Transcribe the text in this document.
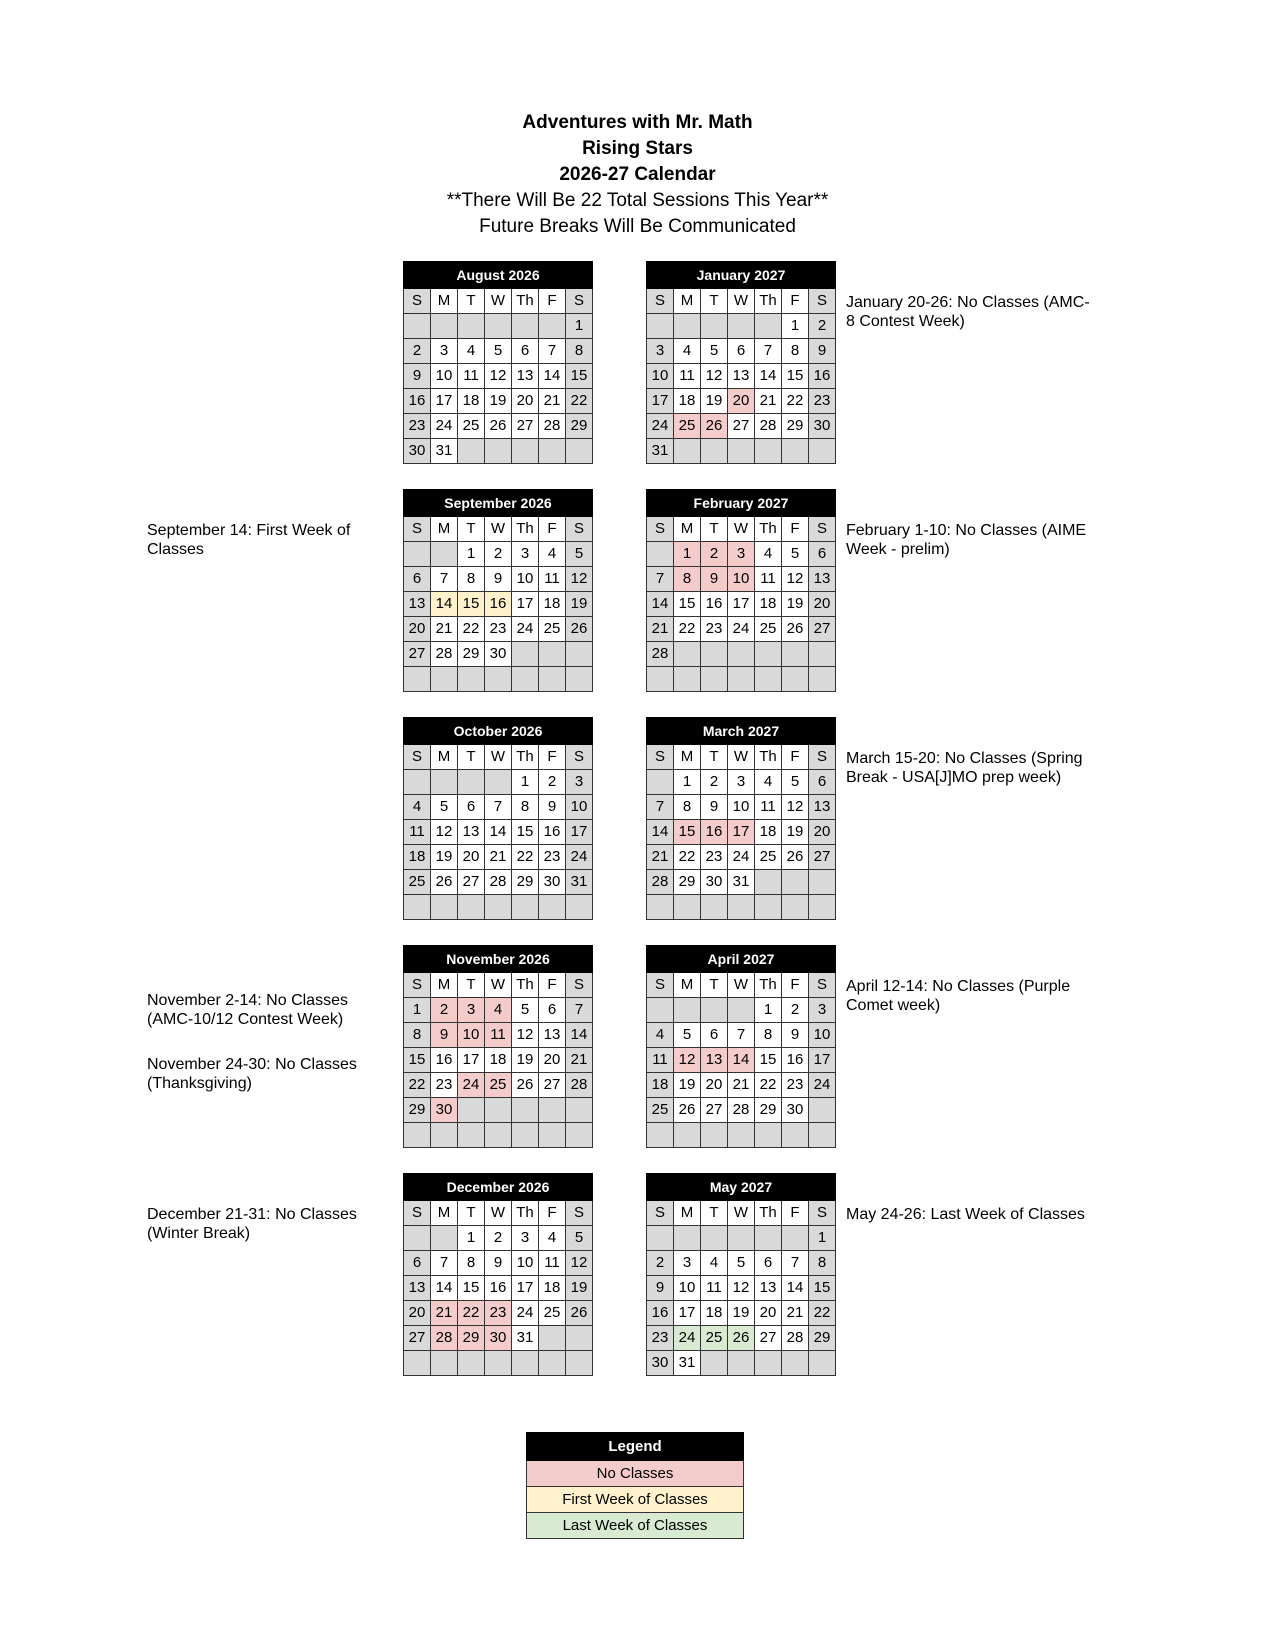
Adventures with Mr. Math
Rising Stars
2026-27 Calendar
**There Will Be 22 Total Sessions This Year**
Future Breaks Will Be Communicated
August 2026						
S	M	T	W	Th	F	S
						1
2	3	4	5	6	7	8
9	10	11	12	13	14	15
16	17	18	19	20	21	22
23	24	25	26	27	28	29
30	31					
January 2027						
S	M	T	W	Th	F	S
					1	2
3	4	5	6	7	8	9
10	11	12	13	14	15	16
17	18	19	20	21	22	23
24	25	26	27	28	29	30
31						
September 2026						
S	M	T	W	Th	F	S
		1	2	3	4	5
6	7	8	9	10	11	12
13	14	15	16	17	18	19
20	21	22	23	24	25	26
27	28	29	30			

February 2027						
S	M	T	W	Th	F	S
	1	2	3	4	5	6
7	8	9	10	11	12	13
14	15	16	17	18	19	20
21	22	23	24	25	26	27
28						

October 2026						
S	M	T	W	Th	F	S
				1	2	3
4	5	6	7	8	9	10
11	12	13	14	15	16	17
18	19	20	21	22	23	24
25	26	27	28	29	30	31

March 2027						
S	M	T	W	Th	F	S
	1	2	3	4	5	6
7	8	9	10	11	12	13
14	15	16	17	18	19	20
21	22	23	24	25	26	27
28	29	30	31			

November 2026						
S	M	T	W	Th	F	S
1	2	3	4	5	6	7
8	9	10	11	12	13	14
15	16	17	18	19	20	21
22	23	24	25	26	27	28
29	30					

April 2027						
S	M	T	W	Th	F	S
				1	2	3
4	5	6	7	8	9	10
11	12	13	14	15	16	17
18	19	20	21	22	23	24
25	26	27	28	29	30	

December 2026						
S	M	T	W	Th	F	S
		1	2	3	4	5
6	7	8	9	10	11	12
13	14	15	16	17	18	19
20	21	22	23	24	25	26
27	28	29	30	31		

May 2027						
S	M	T	W	Th	F	S
						1
2	3	4	5	6	7	8
9	10	11	12	13	14	15
16	17	18	19	20	21	22
23	24	25	26	27	28	29
30	31					
January 20-26: No Classes (AMC-
8 Contest Week)
September 14: First Week of
Classes
February 1-10: No Classes (AIME
Week - prelim)
March 15-20: No Classes (Spring
Break - USA[J]MO prep week)
November 2-14: No Classes
(AMC-10/12 Contest Week)
November 24-30: No Classes
(Thanksgiving)
April 12-14: No Classes (Purple
Comet week)
December 21-31: No Classes
(Winter Break)
May 24-26: Last Week of Classes
Legend
No Classes
First Week of Classes
Last Week of Classes
